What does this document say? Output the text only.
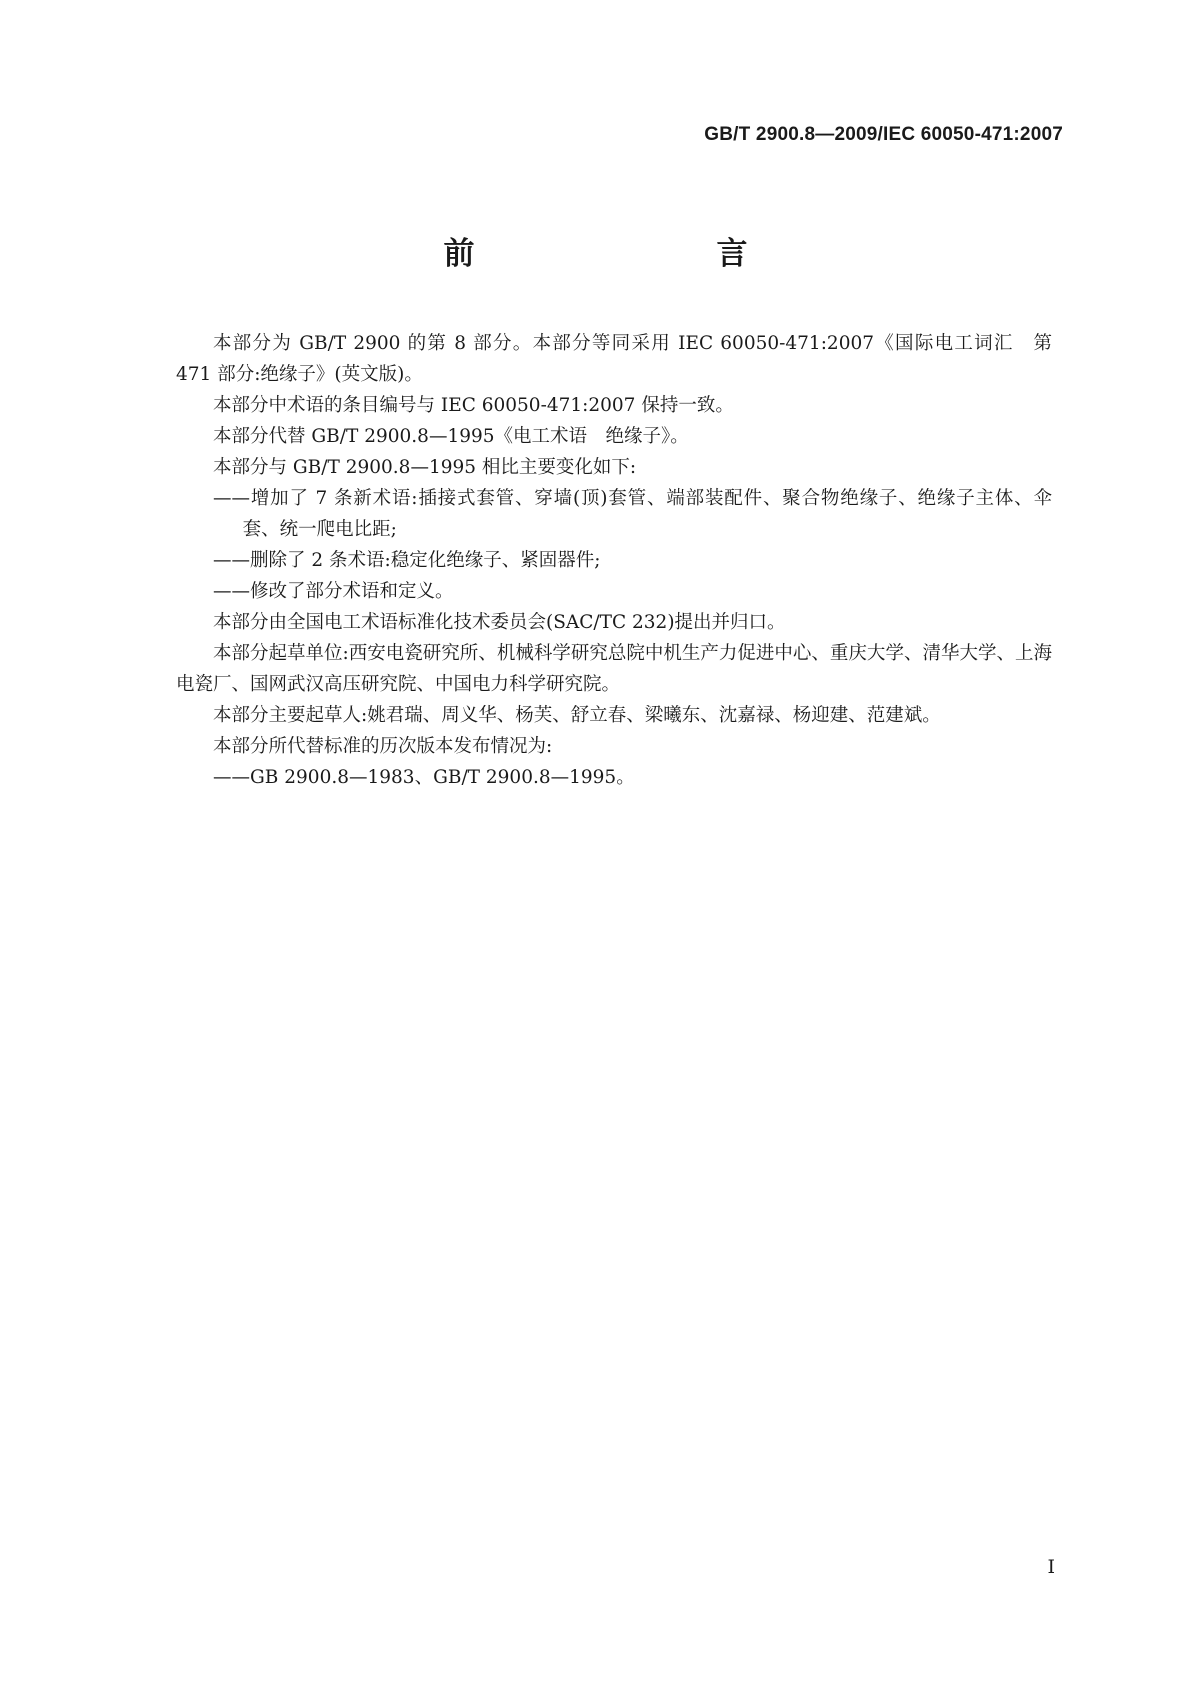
GB/T 2900.8—2009/IEC 60050-471:2007
前　　言

本部分为 GB/T 2900 的第 8 部分。本部分等同采用 IEC 60050-471:2007《国际电工词汇　第 471 部分:绝缘子》(英文版)。

本部分中术语的条目编号与 IEC 60050-471:2007 保持一致。

本部分代替 GB/T 2900.8—1995《电工术语　绝缘子》。

本部分与 GB/T 2900.8—1995 相比主要变化如下:

——增加了 7 条新术语:插接式套管、穿墙(顶)套管、端部装配件、聚合物绝缘子、绝缘子主体、伞套、统一爬电比距;

——删除了 2 条术语:稳定化绝缘子、紧固器件;

——修改了部分术语和定义。

本部分由全国电工术语标准化技术委员会(SAC/TC 232)提出并归口。

本部分起草单位:西安电瓷研究所、机械科学研究总院中机生产力促进中心、重庆大学、清华大学、上海电瓷厂、国网武汉高压研究院、中国电力科学研究院。

本部分主要起草人:姚君瑞、周义华、杨芙、舒立春、梁曦东、沈嘉禄、杨迎建、范建斌。

本部分所代替标准的历次版本发布情况为:

——GB 2900.8—1983、GB/T 2900.8—1995。

I
